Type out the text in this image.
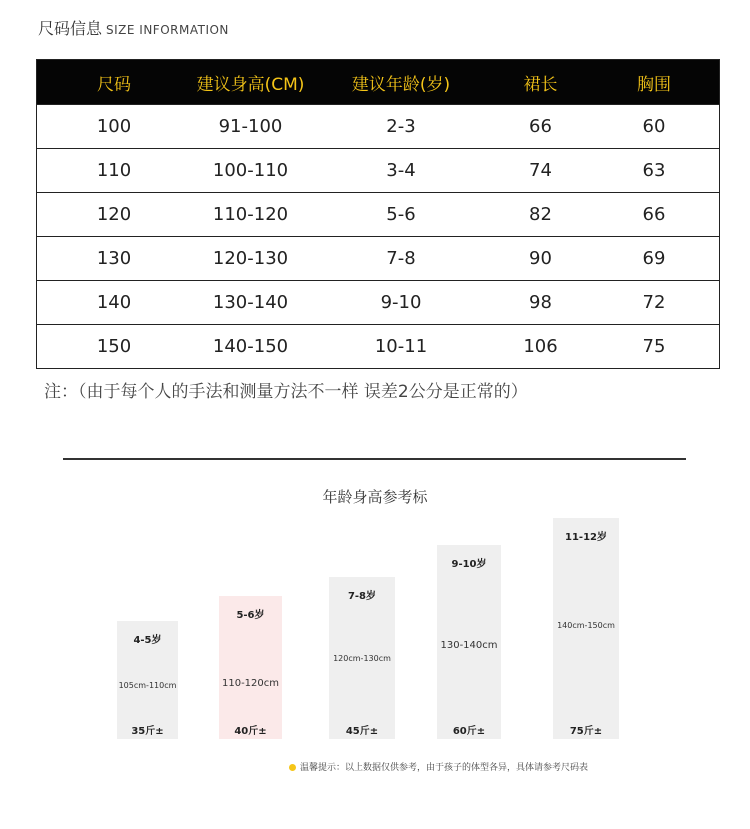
尺码信息 SIZE INFORMATION
尺码	建议身高(CM)	建议年龄(岁)	裙长	胸围
100	91-100	2-3	66	60
110	100-110	3-4	74	63
120	110-120	5-6	82	66
130	120-130	7-8	90	69
140	130-140	9-10	98	72
150	140-150	10-11	106	75
注：（由于每个人的手法和测量方法不一样 误差2公分是正常的）
年龄身高参考标
4-5岁
105cm-110cm
35斤±
5-6岁
110-120cm
40斤±
7-8岁
120cm-130cm
45斤±
9-10岁
130-140cm
60斤±
11-12岁
140cm-150cm
75斤±
温馨提示：以上数据仅供参考，由于孩子的体型各异，具体请参考尺码表
